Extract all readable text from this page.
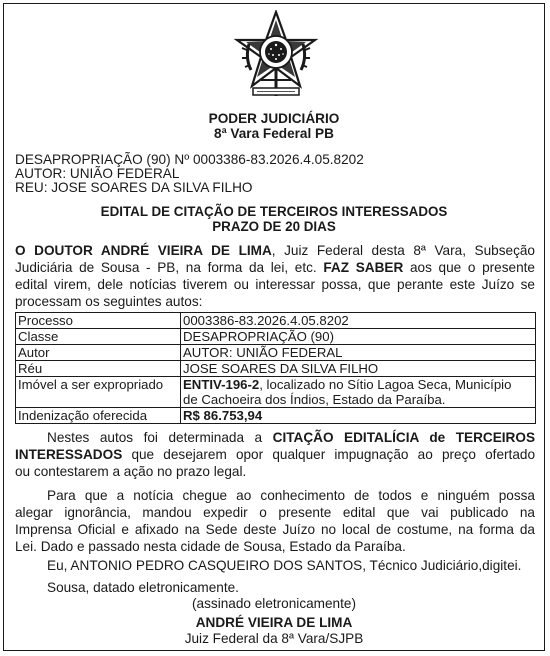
PODER JUDICIÁRIO
8ª Vara Federal PB
DESAPROPRIAÇÃO (90) Nº 0003386-83.2026.4.05.8202
AUTOR: UNIÃO FEDERAL
REU: JOSE SOARES DA SILVA FILHO
EDITAL DE CITAÇÃO DE TERCEIROS INTERESSADOS
PRAZO DE 20 DIAS
O DOUTOR ANDRÉ VIEIRA DE LIMA, Juiz Federal desta 8ª Vara, Subseção
Judiciária de Sousa - PB, na forma da lei, etc. FAZ SABER aos que o presente
edital virem, dele notícias tiverem ou interessar possa, que perante este Juízo se
processam os seguintes autos:
Processo	0003386-83.2026.4.05.8202
Classe	DESAPROPRIAÇÃO (90)
Autor	AUTOR: UNIÃO FEDERAL
Réu	JOSE SOARES DA SILVA FILHO
Imóvel a ser expropriado	ENTIV-196-2, localizado no Sítio Lagoa Seca, Município
de Cachoeira dos Índios, Estado da Paraíba.
Indenização oferecida	R$ 86.753,94
Nestes autos foi determinada a CITAÇÃO EDITALÍCIA de TERCEIROS
INTERESSADOS que desejarem opor qualquer impugnação ao preço ofertado
ou contestarem a ação no prazo legal.
Para que a notícia chegue ao conhecimento de todos e ninguém possa
alegar ignorância, mandou expedir o presente edital que vai publicado na
Imprensa Oficial e afixado na Sede deste Juízo no local de costume, na forma da
Lei. Dado e passado nesta cidade de Sousa, Estado da Paraíba.
Eu, ANTONIO PEDRO CASQUEIRO DOS SANTOS, Técnico Judiciário,digitei.
Sousa, datado eletronicamente.
(assinado eletronicamente)
ANDRÉ VIEIRA DE LIMA
Juiz Federal da 8ª Vara/SJPB
